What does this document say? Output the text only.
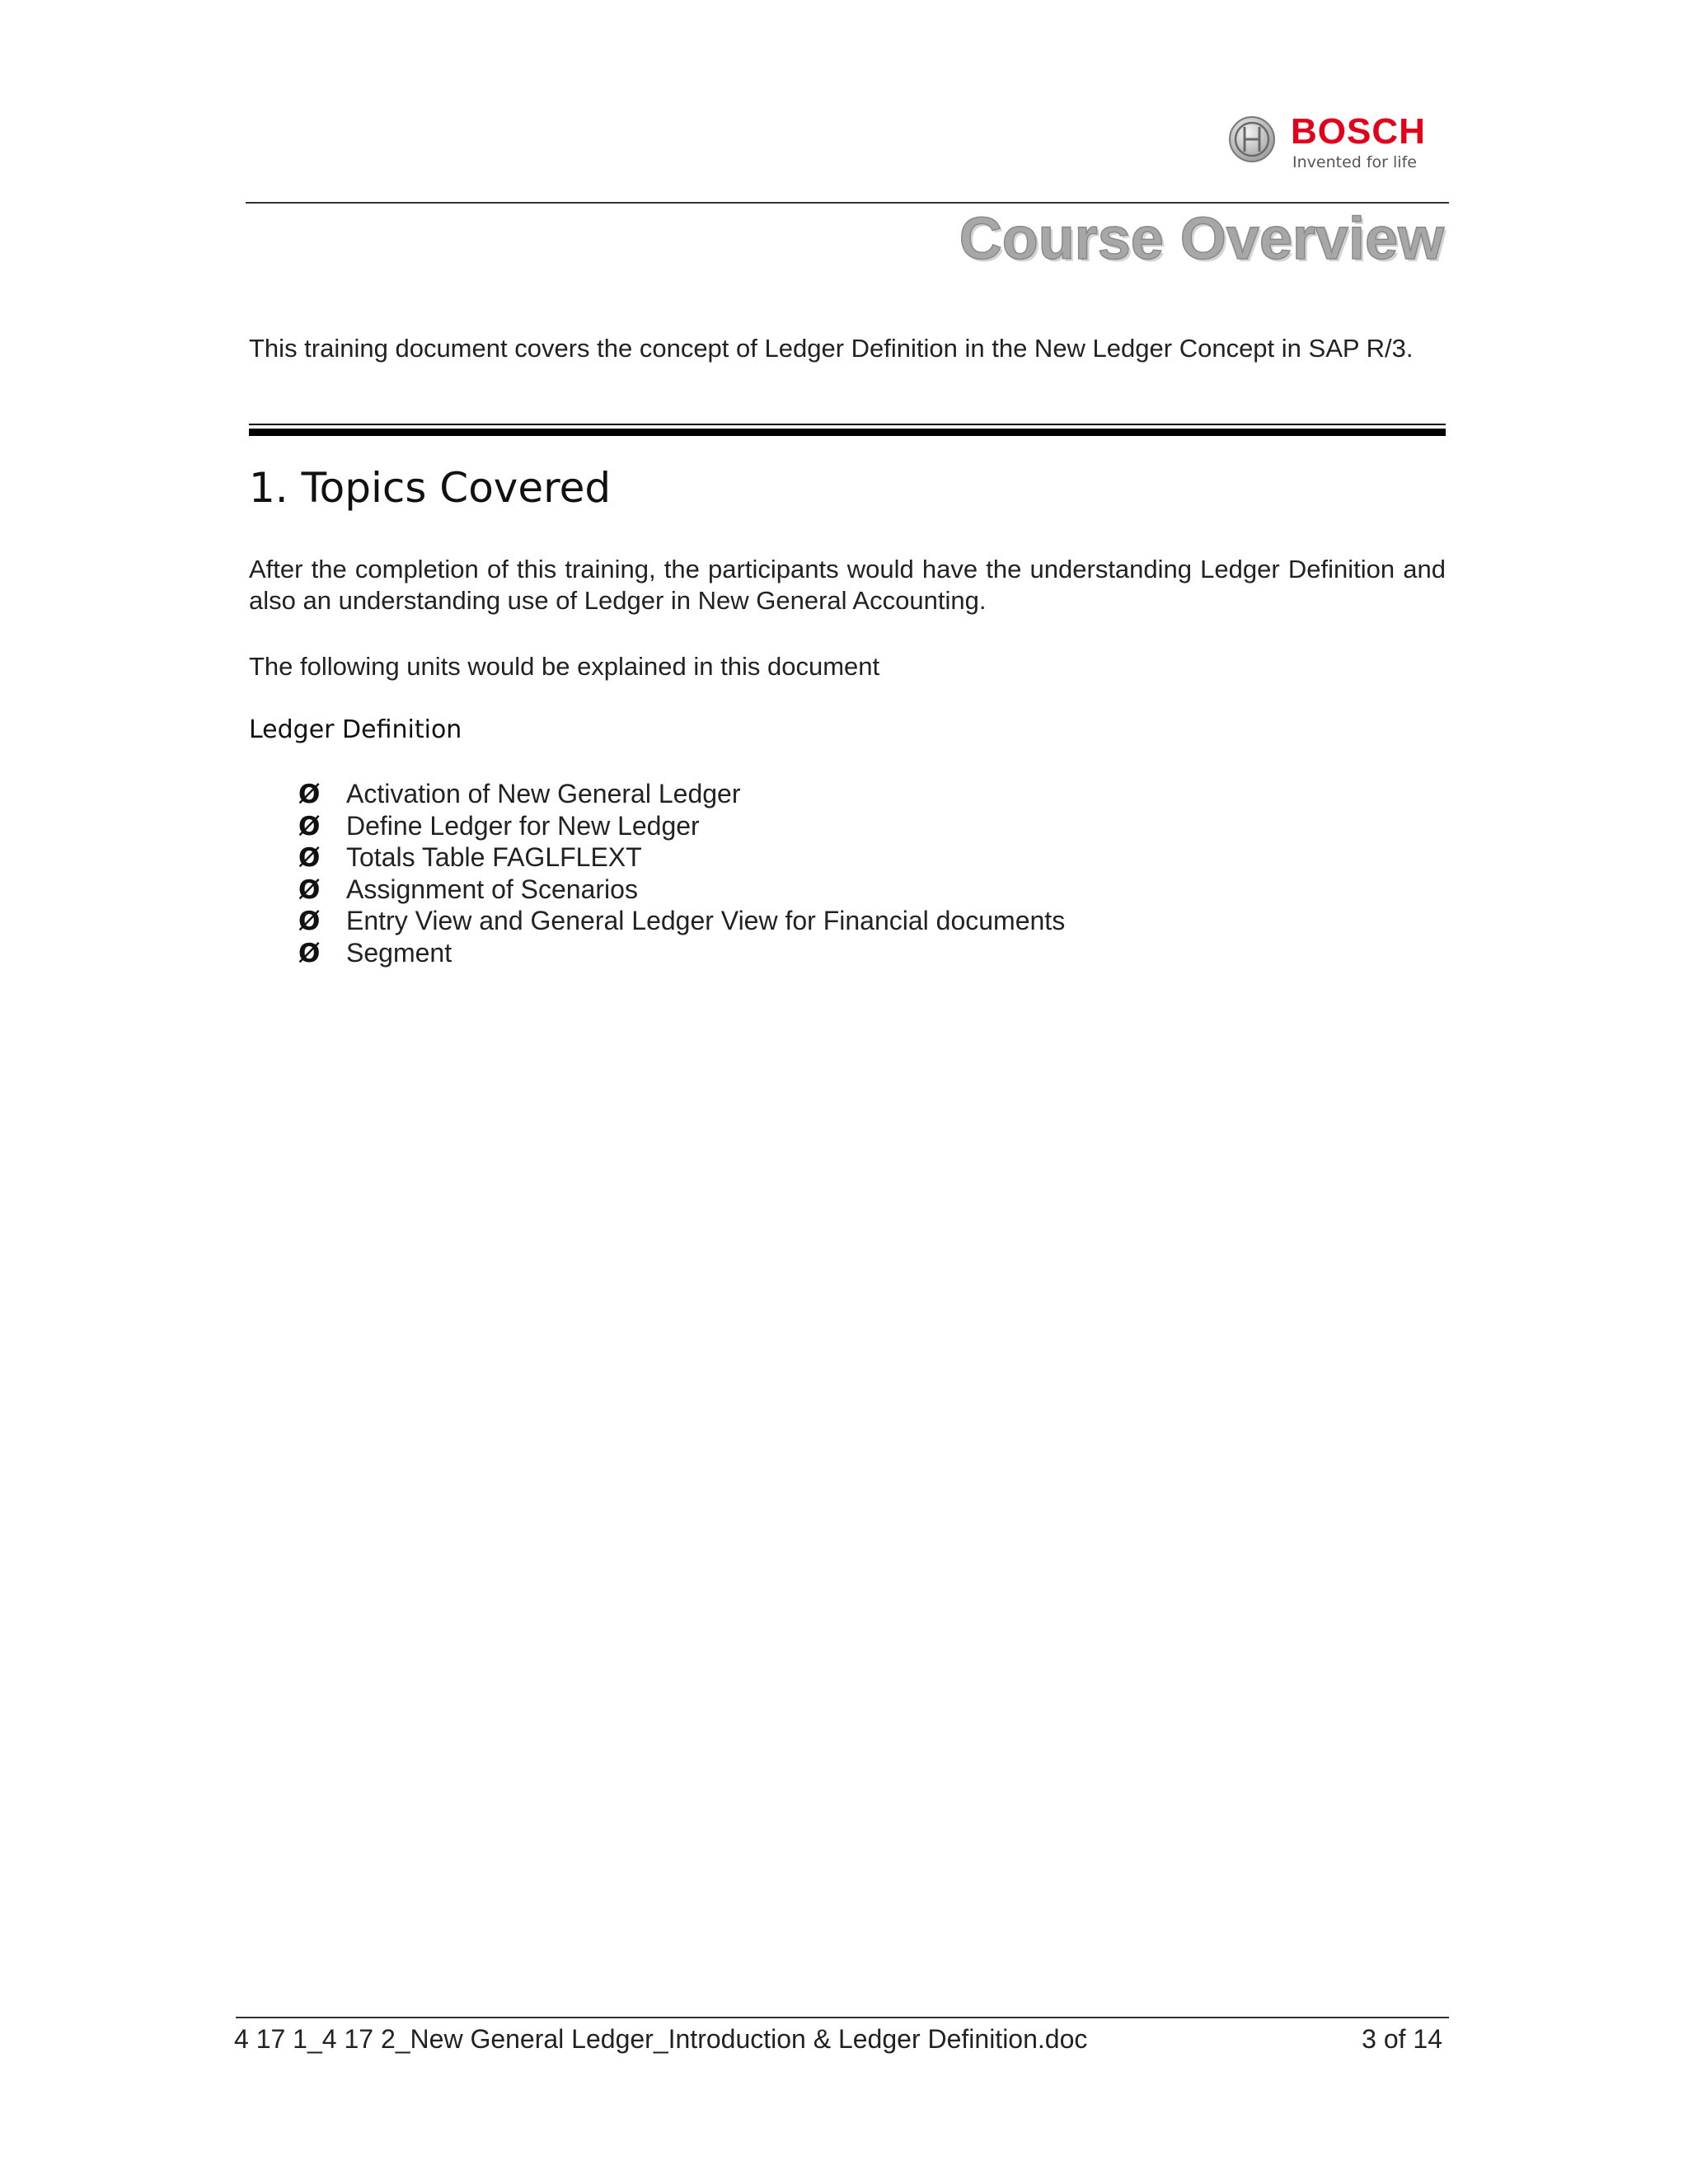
BOSCH
Invented for life
Course Overview
This training document covers the concept of Ledger Definition in the New Ledger Concept in SAP R/3.
1. Topics Covered
After the completion of this training, the participants would have the understanding Ledger Definition and also an understanding use of Ledger in New General Accounting.
The following units would be explained in this document
Ledger Definition
Ø Activation of New General Ledger
Ø Define Ledger for New Ledger
Ø Totals Table FAGLFLEXT
Ø Assignment of Scenarios
Ø Entry View and General Ledger View for Financial documents
Ø Segment
4 17 1_4 17 2_New General Ledger_Introduction & Ledger Definition.doc	3 of 14
